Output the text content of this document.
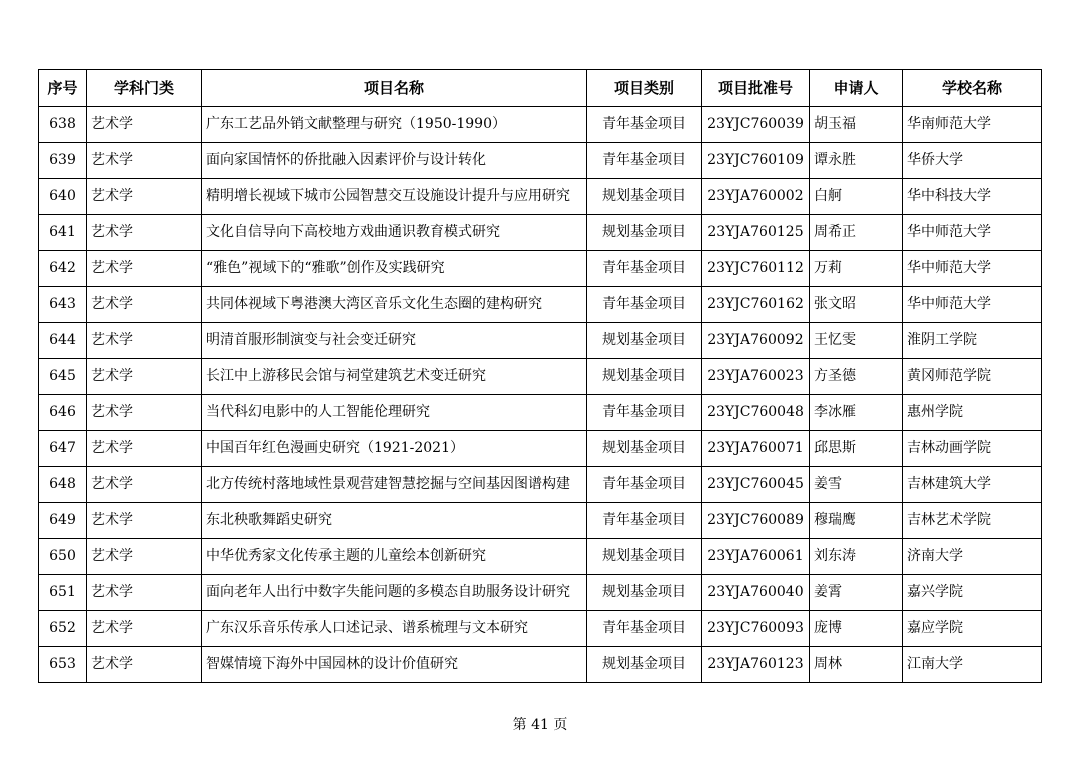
序号	学科门类	项目名称	项目类别	项目批准号	申请人	学校名称
638	艺术学	广东工艺品外销文献整理与研究（1950-1990）	青年基金项目	23YJC760039	胡玉福	华南师范大学
639	艺术学	面向家国情怀的侨批融入因素评价与设计转化	青年基金项目	23YJC760109	谭永胜	华侨大学
640	艺术学	精明增长视域下城市公园智慧交互设施设计提升与应用研究	规划基金项目	23YJA760002	白舸	华中科技大学
641	艺术学	文化自信导向下高校地方戏曲通识教育模式研究	规划基金项目	23YJA760125	周希正	华中师范大学
642	艺术学	“雅色”视域下的“雅歌”创作及实践研究	青年基金项目	23YJC760112	万莉	华中师范大学
643	艺术学	共同体视域下粤港澳大湾区音乐文化生态圈的建构研究	青年基金项目	23YJC760162	张文昭	华中师范大学
644	艺术学	明清首服形制演变与社会变迁研究	规划基金项目	23YJA760092	王忆雯	淮阴工学院
645	艺术学	长江中上游移民会馆与祠堂建筑艺术变迁研究	规划基金项目	23YJA760023	方圣德	黄冈师范学院
646	艺术学	当代科幻电影中的人工智能伦理研究	青年基金项目	23YJC760048	李冰雁	惠州学院
647	艺术学	中国百年红色漫画史研究（1921-2021）	规划基金项目	23YJA760071	邱思斯	吉林动画学院
648	艺术学	北方传统村落地域性景观营建智慧挖掘与空间基因图谱构建	青年基金项目	23YJC760045	姜雪	吉林建筑大学
649	艺术学	东北秧歌舞蹈史研究	青年基金项目	23YJC760089	穆瑞鹰	吉林艺术学院
650	艺术学	中华优秀家文化传承主题的儿童绘本创新研究	规划基金项目	23YJA760061	刘东涛	济南大学
651	艺术学	面向老年人出行中数字失能问题的多模态自助服务设计研究	规划基金项目	23YJA760040	姜霄	嘉兴学院
652	艺术学	广东汉乐音乐传承人口述记录、谱系梳理与文本研究	青年基金项目	23YJC760093	庞博	嘉应学院
653	艺术学	智媒情境下海外中国园林的设计价值研究	规划基金项目	23YJA760123	周林	江南大学
第 41 页
